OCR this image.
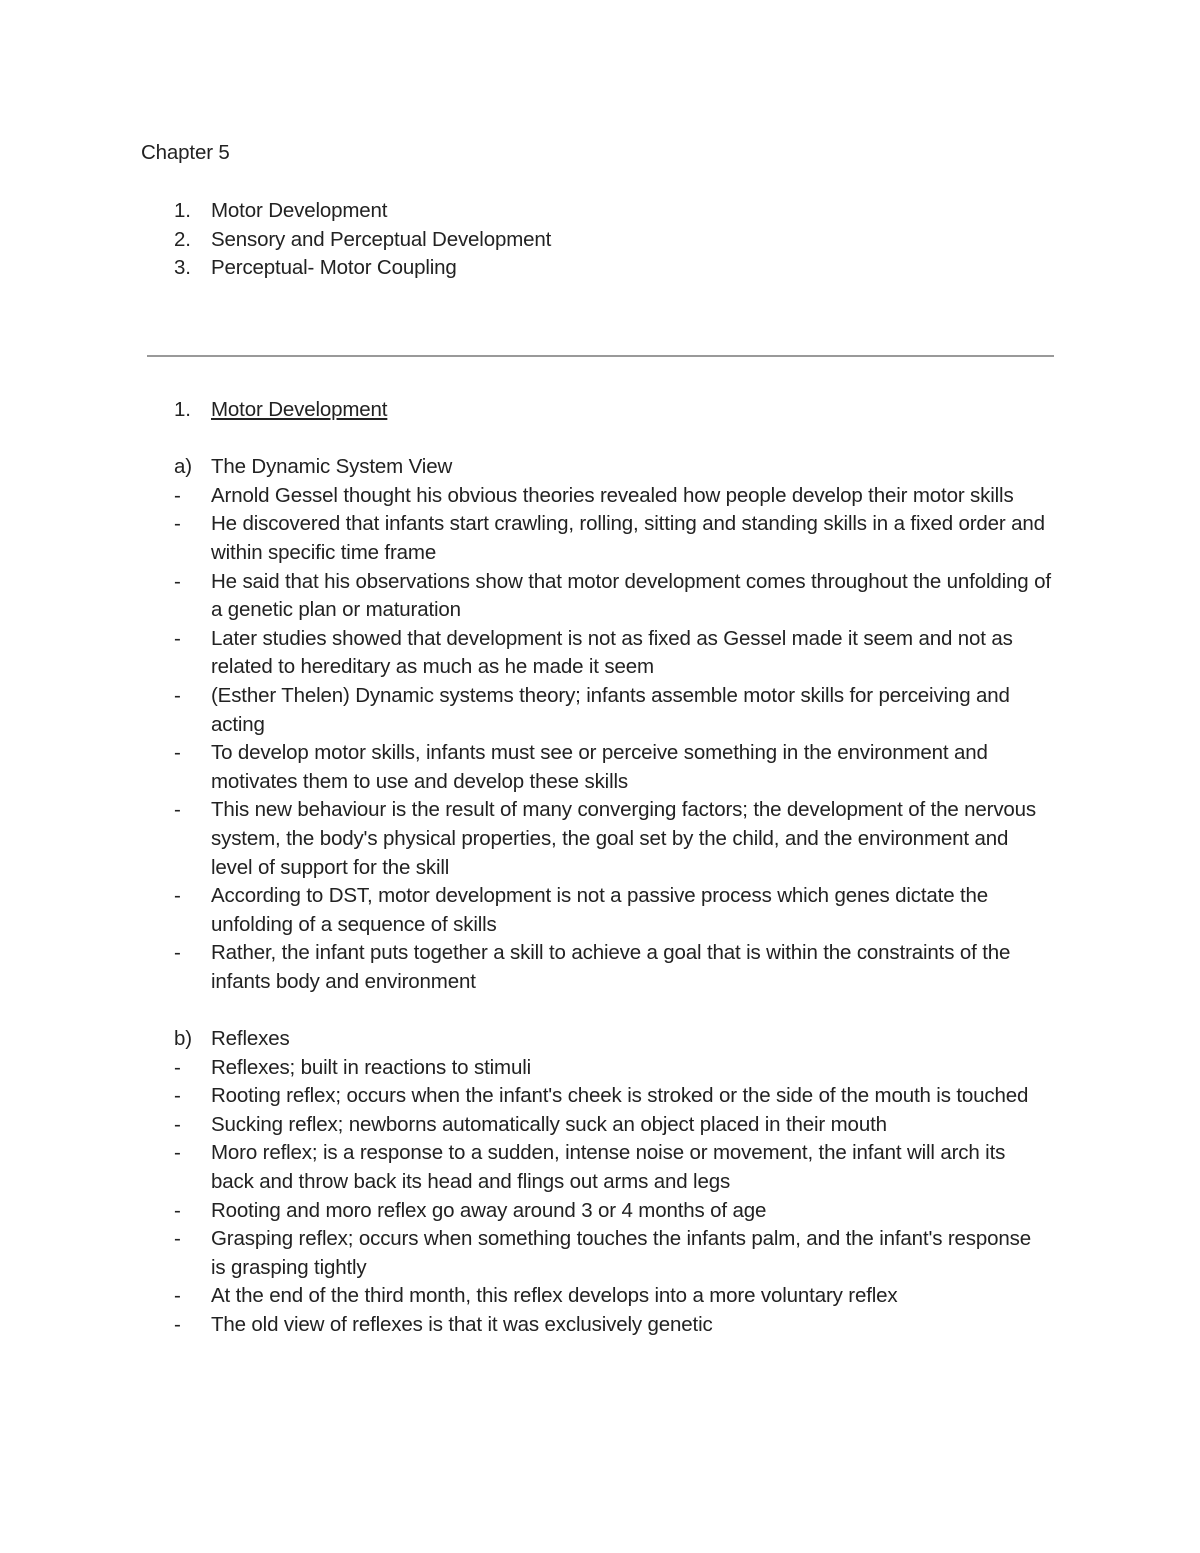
Chapter 5
1. Motor Development
2. Sensory and Perceptual Development
3. Perceptual- Motor Coupling
1. Motor Development
a) The Dynamic System View
- Arnold Gessel thought his obvious theories revealed how people develop their motor skills
- He discovered that infants start crawling, rolling, sitting and standing skills in a fixed order and within specific time frame
- He said that his observations show that motor development comes throughout the unfolding of a genetic plan or maturation
- Later studies showed that development is not as fixed as Gessel made it seem and not as related to hereditary as much as he made it seem
- (Esther Thelen) Dynamic systems theory; infants assemble motor skills for perceiving and acting
- To develop motor skills, infants must see or perceive something in the environment and motivates them to use and develop these skills
- This new behaviour is the result of many converging factors; the development of the nervous system, the body's physical properties, the goal set by the child, and the environment and level of support for the skill
- According to DST, motor development is not a passive process which genes dictate the unfolding of a sequence of skills
- Rather, the infant puts together a skill to achieve a goal that is within the constraints of the infants body and environment
b) Reflexes
- Reflexes; built in reactions to stimuli
- Rooting reflex; occurs when the infant's cheek is stroked or the side of the mouth is touched
- Sucking reflex; newborns automatically suck an object placed in their mouth
- Moro reflex; is a response to a sudden, intense noise or movement, the infant will arch its back and throw back its head and flings out arms and legs
- Rooting and moro reflex go away around 3 or 4 months of age
- Grasping reflex; occurs when something touches the infants palm, and the infant's response is grasping tightly
- At the end of the third month, this reflex develops into a more voluntary reflex
- The old view of reflexes is that it was exclusively genetic
